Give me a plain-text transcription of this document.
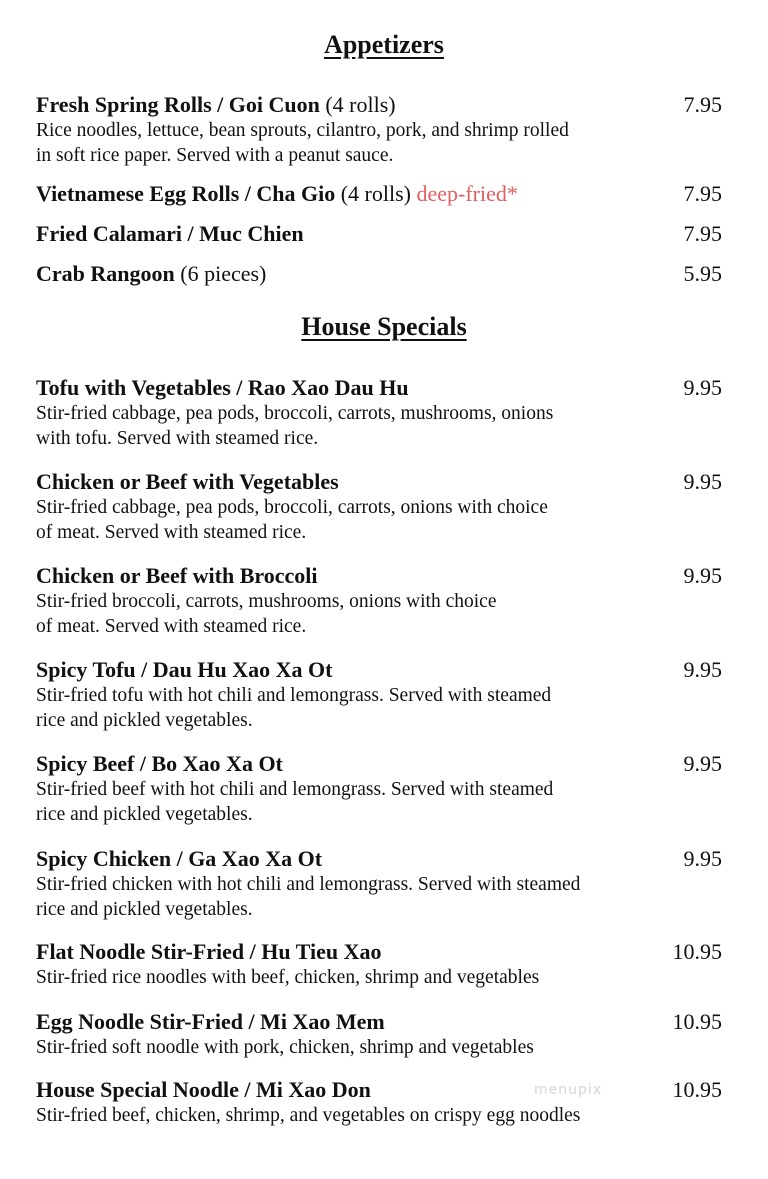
Appetizers
Fresh Spring Rolls / Goi Cuon (4 rolls)	7.95
Rice noodles, lettuce, bean sprouts, cilantro, pork, and shrimp rolled
in soft rice paper. Served with a peanut sauce.
Vietnamese Egg Rolls / Cha Gio (4 rolls) deep-fried*	7.95
Fried Calamari / Muc Chien	7.95
Crab Rangoon (6 pieces)	5.95
House Specials
Tofu with Vegetables / Rao Xao Dau Hu	9.95
Stir-fried cabbage, pea pods, broccoli, carrots, mushrooms, onions
with tofu. Served with steamed rice.
Chicken or Beef with Vegetables	9.95
Stir-fried cabbage, pea pods, broccoli, carrots, onions with choice
of meat. Served with steamed rice.
Chicken or Beef with Broccoli	9.95
Stir-fried broccoli, carrots, mushrooms, onions with choice
of meat. Served with steamed rice.
Spicy Tofu / Dau Hu Xao Xa Ot	9.95
Stir-fried tofu with hot chili and lemongrass. Served with steamed
rice and pickled vegetables.
Spicy Beef / Bo Xao Xa Ot	9.95
Stir-fried beef with hot chili and lemongrass. Served with steamed
rice and pickled vegetables.
Spicy Chicken / Ga Xao Xa Ot	9.95
Stir-fried chicken with hot chili and lemongrass. Served with steamed
rice and pickled vegetables.
Flat Noodle Stir-Fried / Hu Tieu Xao	10.95
Stir-fried rice noodles with beef, chicken, shrimp and vegetables
Egg Noodle Stir-Fried / Mi Xao Mem	10.95
Stir-fried soft noodle with pork, chicken, shrimp and vegetables
House Special Noodle / Mi Xao Don	10.95
Stir-fried beef, chicken, shrimp, and vegetables on crispy egg noodles
menupix
